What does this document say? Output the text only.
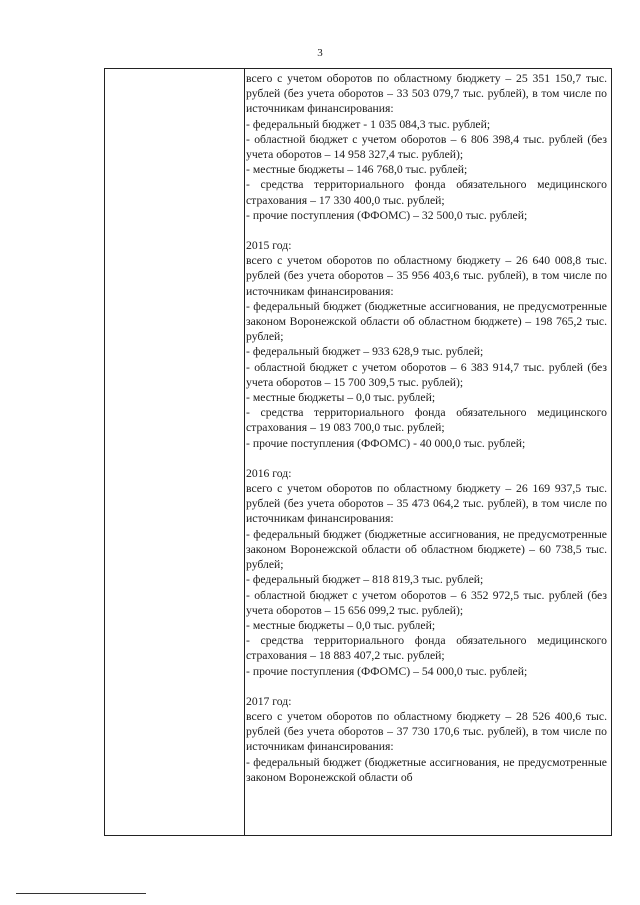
3

всего с учетом оборотов по областному бюджету – 25 351 150,7 тыс. рублей (без учета оборотов – 33 503 079,7 тыс. рублей), в том числе по источникам финансирования:

- федеральный бюджет - 1 035 084,3 тыс. рублей;

- областной бюджет с учетом оборотов – 6 806 398,4 тыс. рублей (без учета оборотов – 14 958 327,4 тыс. рублей);

- местные бюджеты – 146 768,0 тыс. рублей;

- средства территориального фонда обязательного медицинского страхования – 17 330 400,0 тыс. рублей;

- прочие поступления (ФФОМС) – 32 500,0 тыс. рублей;

2015 год:

всего с учетом оборотов по областному бюджету – 26 640 008,8 тыс. рублей (без учета оборотов – 35 956 403,6 тыс. рублей), в том числе по источникам финансирования:

- федеральный бюджет (бюджетные ассигнования, не предусмотренные законом Воронежской области об областном бюджете) – 198 765,2 тыс. рублей;

- федеральный бюджет – 933 628,9 тыс. рублей;

- областной бюджет с учетом оборотов – 6 383 914,7 тыс. рублей (без учета оборотов – 15 700 309,5 тыс. рублей);

- местные бюджеты – 0,0 тыс. рублей;

- средства территориального фонда обязательного медицинского страхования – 19 083 700,0 тыс. рублей;

- прочие поступления (ФФОМС) - 40 000,0 тыс. рублей;

2016 год:

всего с учетом оборотов по областному бюджету – 26 169 937,5 тыс. рублей (без учета оборотов – 35 473 064,2 тыс. рублей), в том числе по источникам финансирования:

- федеральный бюджет (бюджетные ассигнования, не предусмотренные законом Воронежской области об областном бюджете) – 60 738,5 тыс. рублей;

- федеральный бюджет – 818 819,3 тыс. рублей;

- областной бюджет с учетом оборотов – 6 352 972,5 тыс. рублей (без учета оборотов – 15 656 099,2 тыс. рублей);

- местные бюджеты – 0,0 тыс. рублей;

- средства территориального фонда обязательного медицинского страхования – 18 883 407,2 тыс. рублей;

- прочие поступления (ФФОМС) – 54 000,0 тыс. рублей;

2017 год:

всего с учетом оборотов по областному бюджету – 28 526 400,6 тыс. рублей (без учета оборотов – 37 730 170,6 тыс. рублей), в том числе по источникам финансирования:

- федеральный бюджет (бюджетные ассигнования, не предусмотренные законом Воронежской области об
